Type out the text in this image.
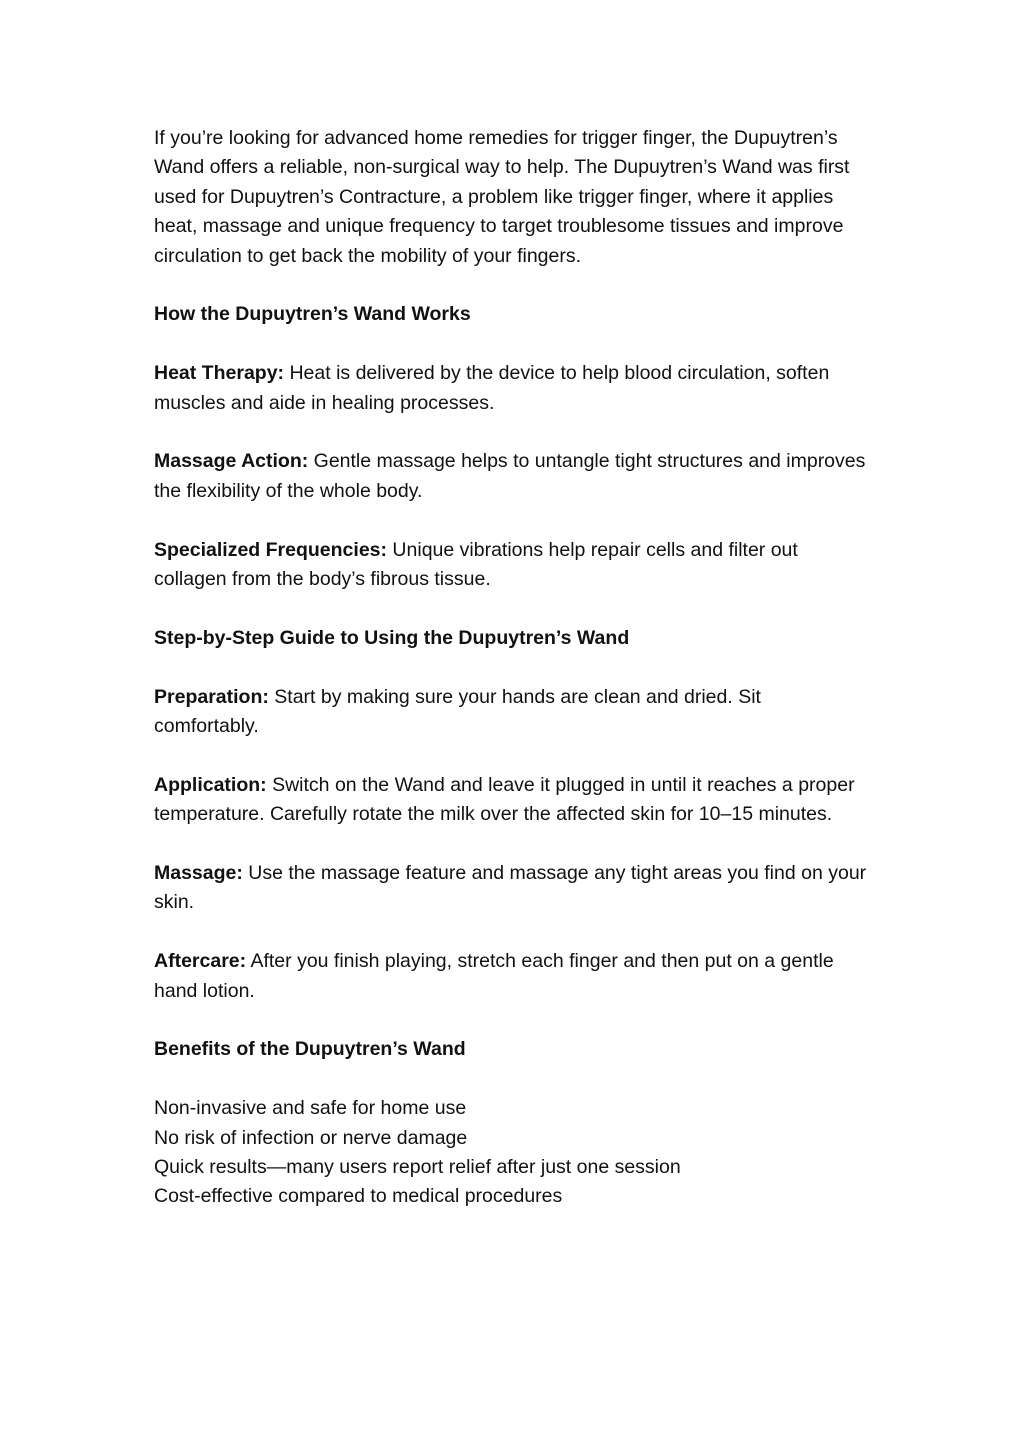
If you’re looking for advanced home remedies for trigger finger, the Dupuytren’s Wand offers a reliable, non-surgical way to help. The Dupuytren’s Wand was first used for Dupuytren’s Contracture, a problem like trigger finger, where it applies heat, massage and unique frequency to target troublesome tissues and improve circulation to get back the mobility of your fingers.

How the Dupuytren’s Wand Works

Heat Therapy: Heat is delivered by the device to help blood circulation, soften muscles and aide in healing processes.

Massage Action: Gentle massage helps to untangle tight structures and improves the flexibility of the whole body.

Specialized Frequencies: Unique vibrations help repair cells and filter out collagen from the body’s fibrous tissue.

Step-by-Step Guide to Using the Dupuytren’s Wand

Preparation: Start by making sure your hands are clean and dried. Sit comfortably.

Application: Switch on the Wand and leave it plugged in until it reaches a proper temperature. Carefully rotate the milk over the affected skin for 10–15 minutes.

Massage: Use the massage feature and massage any tight areas you find on your skin.

Aftercare: After you finish playing, stretch each finger and then put on a gentle hand lotion.

Benefits of the Dupuytren’s Wand

Non-invasive and safe for home use
No risk of infection or nerve damage
Quick results—many users report relief after just one session
Cost-effective compared to medical procedures
